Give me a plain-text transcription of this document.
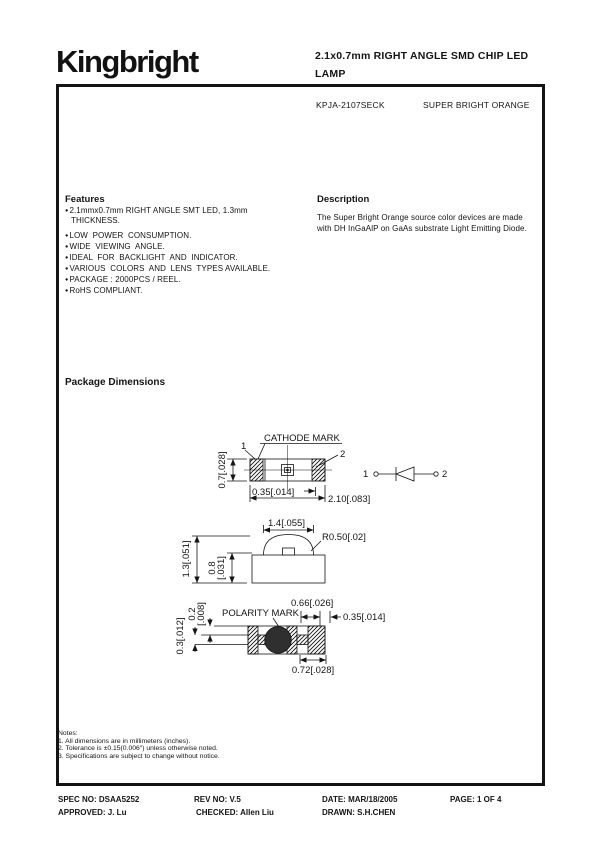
Kingbright	2.1x0.7mm RIGHT ANGLE SMD CHIP LED
LAMP
KPJA-2107SECK	SUPER BRIGHT ORANGE
Features
●2.1mmx0.7mm RIGHT ANGLE SMT LED, 1.3mm
THICKNESS.
●LOW  POWER  CONSUMPTION.
●WIDE  VIEWING  ANGLE.
●IDEAL  FOR  BACKLIGHT  AND  INDICATOR.
●VARIOUS  COLORS  AND  LENS  TYPES AVAILABLE.
●PACKAGE : 2000PCS / REEL.
●RoHS COMPLIANT.
Description
The Super Bright Orange source color devices are made
with DH InGaAlP on GaAs substrate Light Emitting Diode.
Package Dimensions
1
2
CATHODE MARK
0.7[.028]
0.35[.014]
2.10[.083]
1	2
1.4[.055]
R0.50[.02]
1.3[.051] 0.8
[.031]
POLARITY MARK
0.66[.026]
0.35[.014]
0.2
[.008]
0.3[.012]
0.72[.028]
Notes:
1. All dimensions are in millimeters (inches).
2. Tolerance is ±0.15(0.006") unless otherwise noted.
3. Specifications are subject to change without notice.
SPEC NO: DSAA5252	REV NO: V.5	DATE: MAR/18/2005	PAGE: 1 OF 4
APPROVED: J. Lu	CHECKED: Allen Liu	DRAWN: S.H.CHEN
